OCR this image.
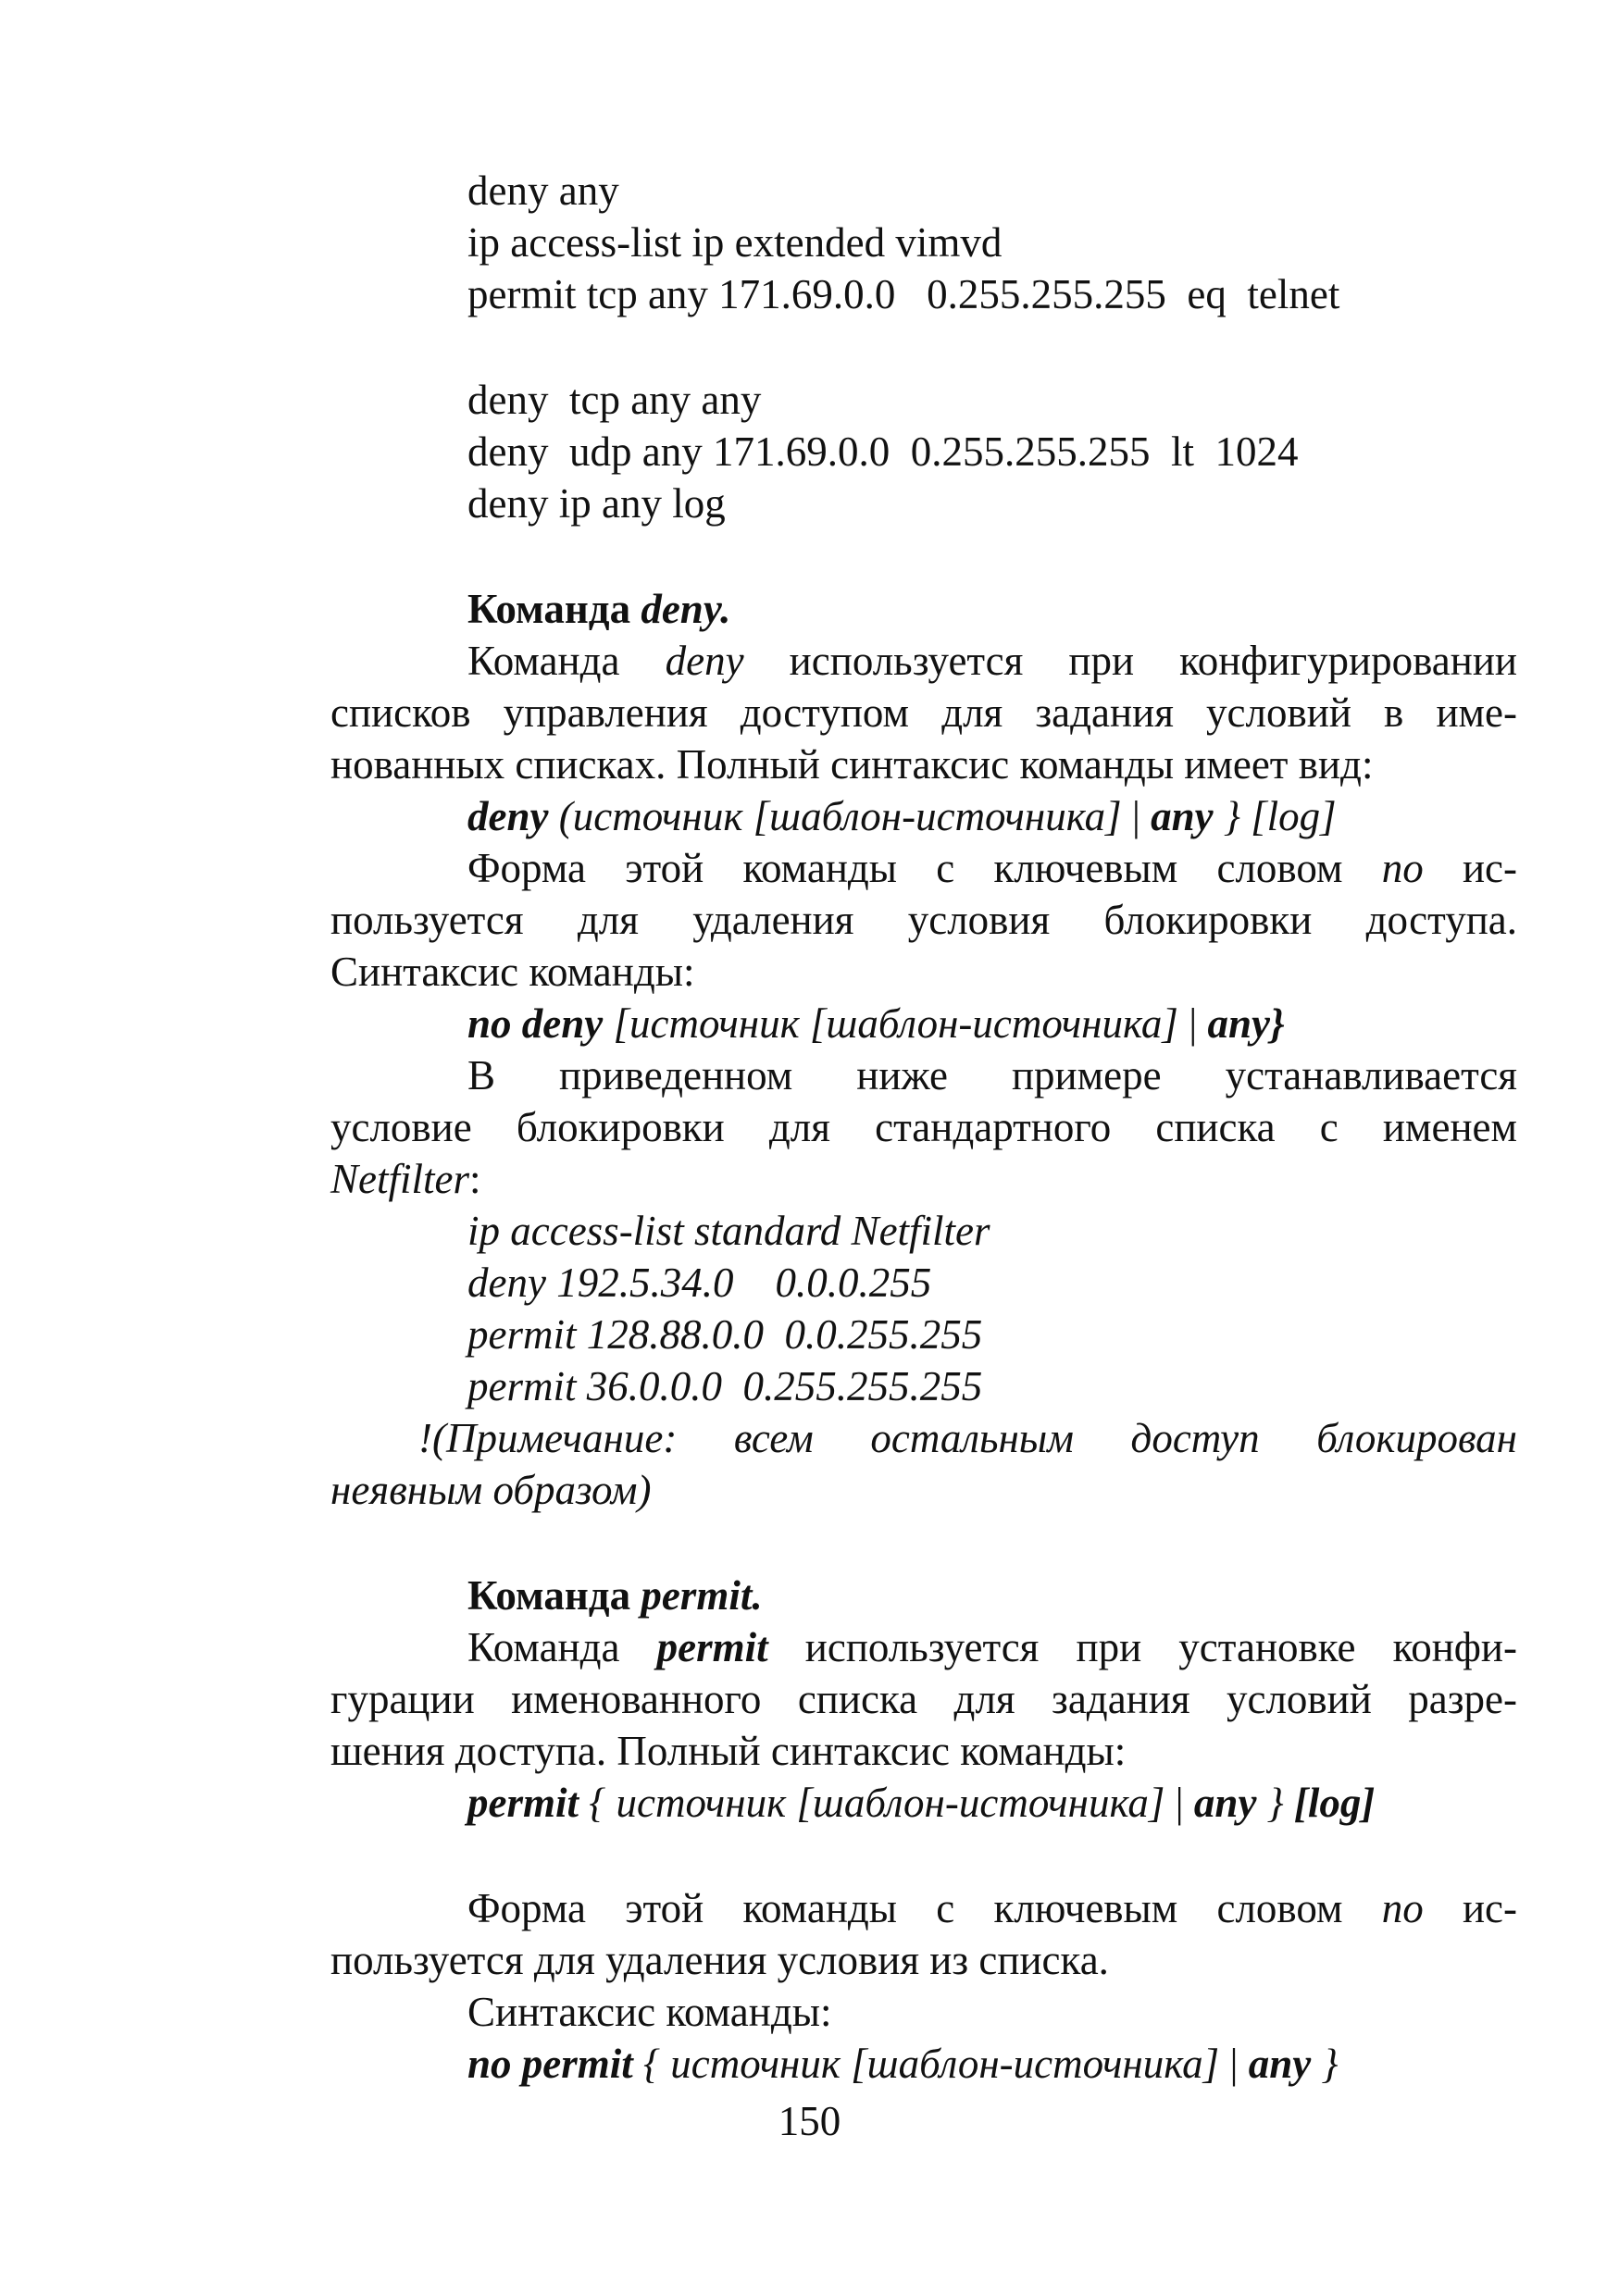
deny any
ip access-list ip extended vimvd
permit tcp any 171.69.0.0   0.255.255.255  eq  telnet
deny  tcp any any
deny  udp any 171.69.0.0  0.255.255.255  lt  1024
deny ip any log
Команда deny.
Команда deny используется при конфигурировании
списков управления доступом для задания условий в име-
нованных списках. Полный синтаксис команды имеет вид:
deny (источник [шаблон-источника] | any } [log]
Форма этой команды с ключевым словом no ис-
пользуется для удаления условия блокировки доступа.
Синтаксис команды:
no deny [источник [шаблон-источника] | any}
В приведенном ниже примере устанавливается
условие блокировки для стандартного списка с именем
Netfilter:
ip access-list standard Netfilter
deny 192.5.34.0    0.0.0.255
permit 128.88.0.0  0.0.255.255
permit 36.0.0.0  0.255.255.255
!(Примечание: всем остальным доступ блокирован
неявным образом)
Команда permit.
Команда permit используется при установке конфи-
гурации именованного списка для задания условий разре-
шения доступа. Полный синтаксис команды:
permit { источник [шаблон-источника] | any } [log]
Форма этой команды с ключевым словом no ис-
пользуется для удаления условия из списка.
Синтаксис команды:
no permit { источник [шаблон-источника] | any }
150
